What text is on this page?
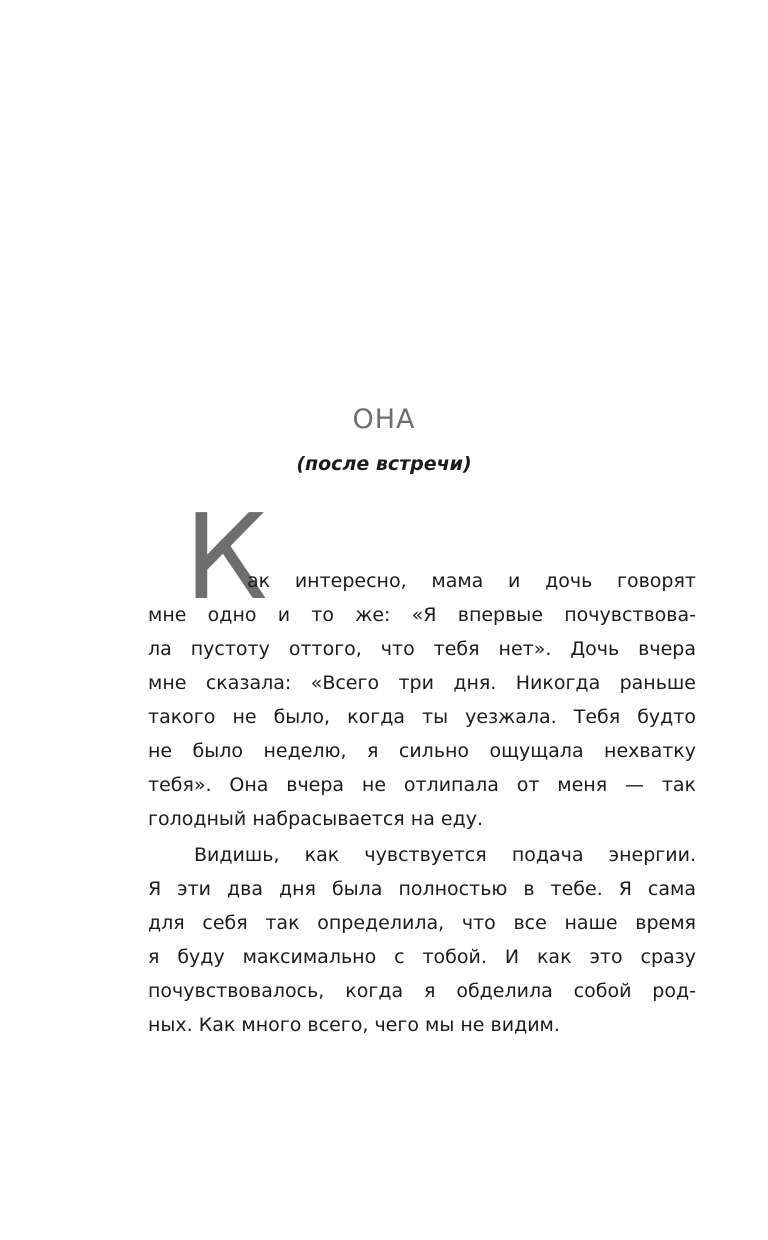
ОНА
(после встречи)
К
ак интересно, мама и дочь говорят
мне одно и то же: «Я впервые почувствова-
ла пустоту оттого, что тебя нет». Дочь вчера
мне сказала: «Всего три дня. Никогда раньше
такого не было, когда ты уезжала. Тебя будто
не было неделю, я сильно ощущала нехватку
тебя». Она вчера не отлипала от меня — так
голодный набрасывается на еду.
Видишь, как чувствуется подача энергии.
Я эти два дня была полностью в тебе. Я сама
для себя так определила, что все наше время
я буду максимально с тобой. И как это сразу
почувствовалось, когда я обделила собой род-
ных. Как много всего, чего мы не видим.
